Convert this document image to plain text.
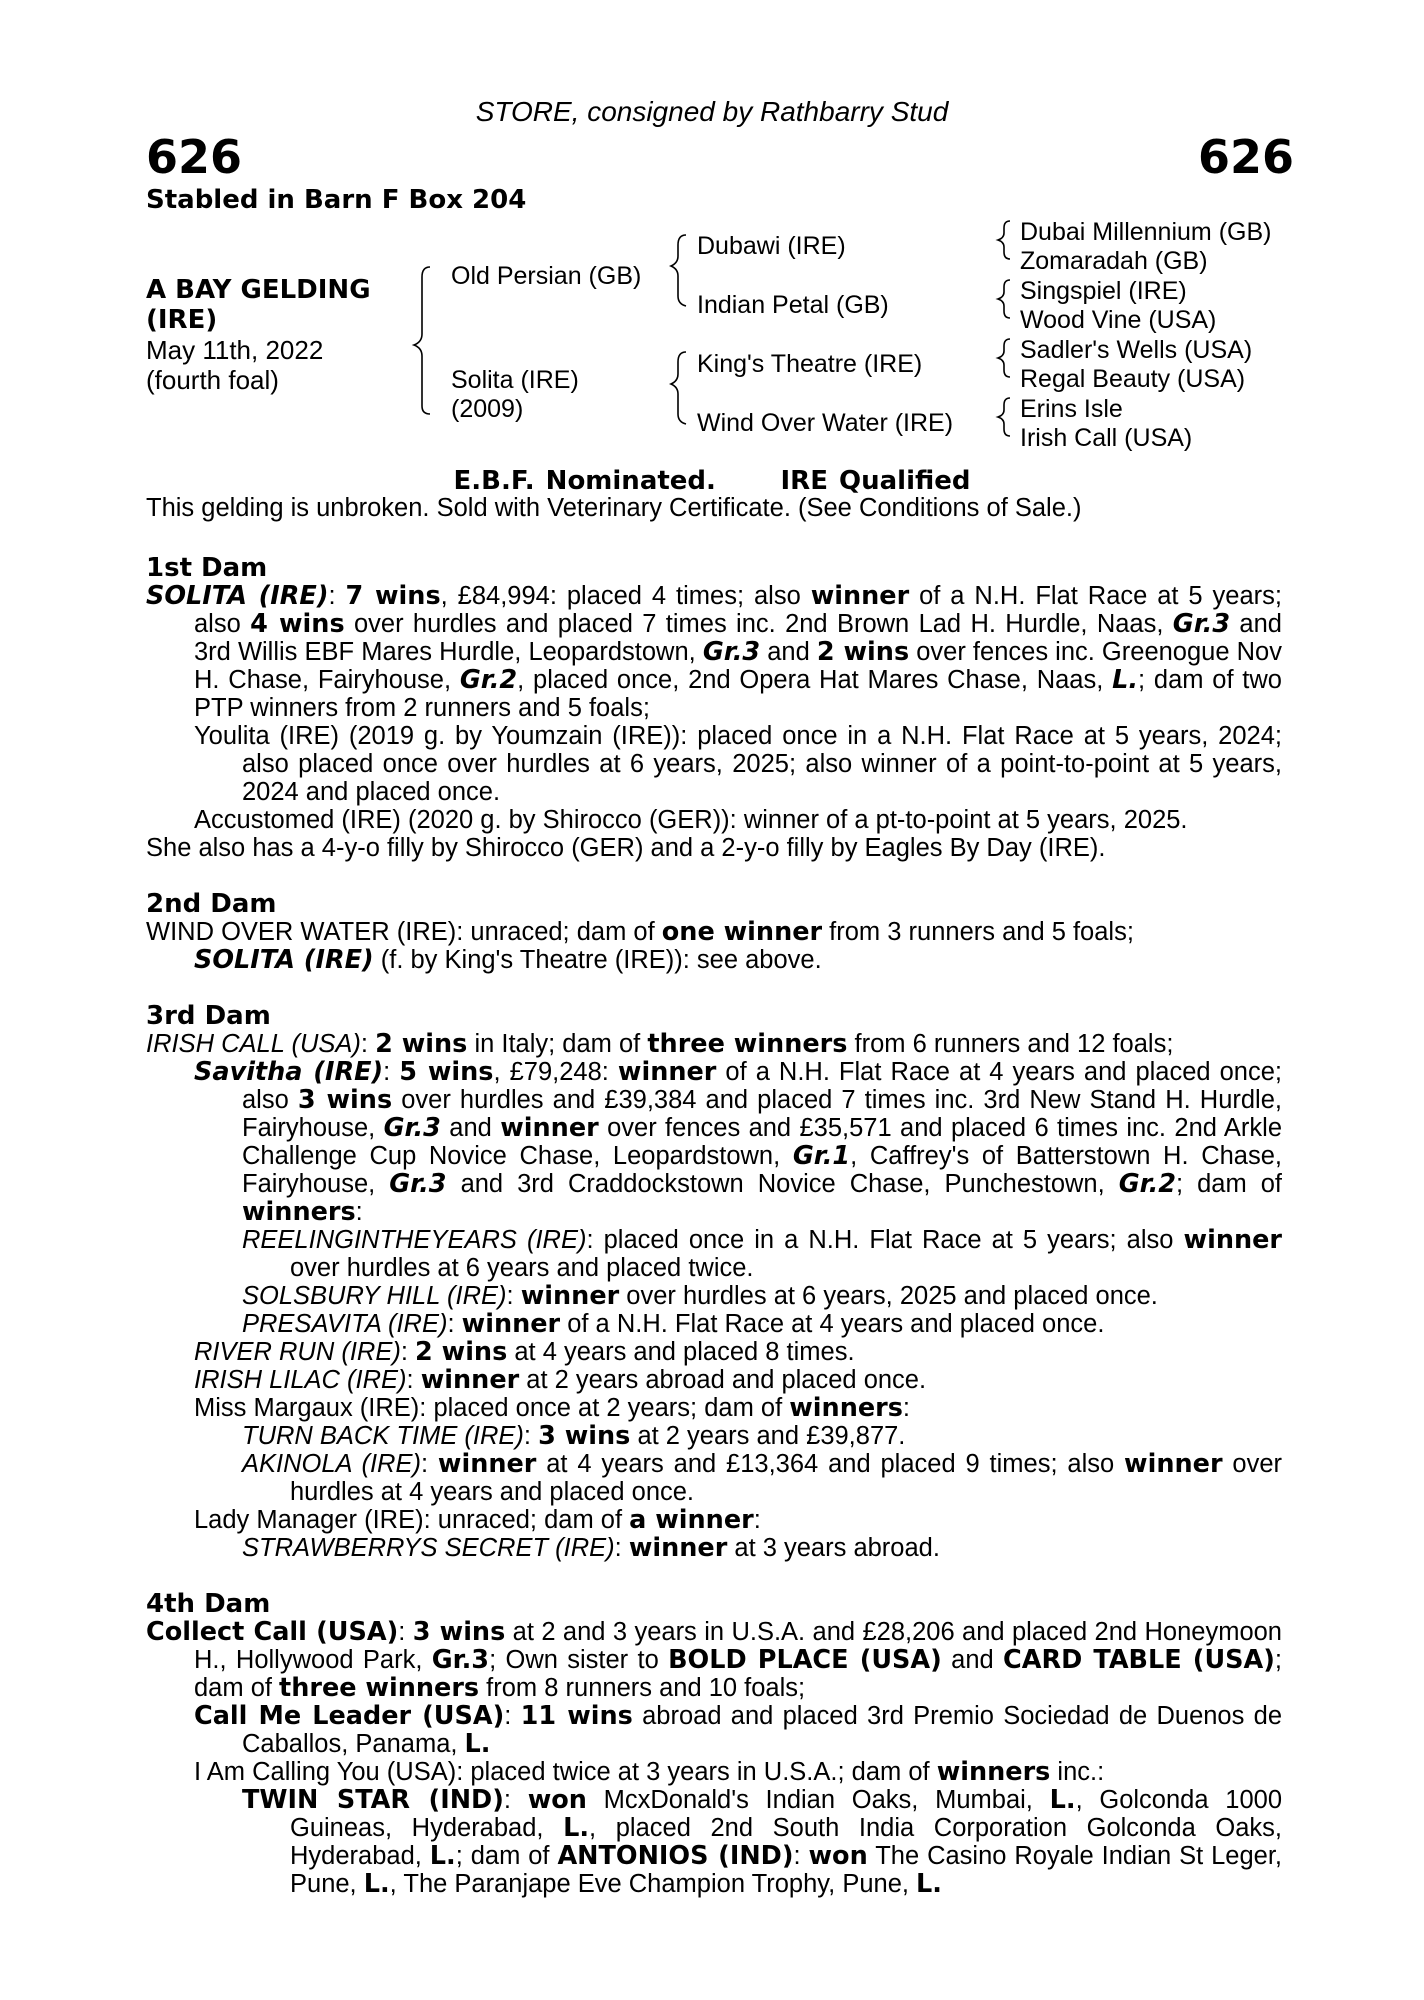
STORE, consigned by Rathbarry Stud
626	626
Stabled in Barn F Box 204
A BAY GELDING
(IRE)
May 11th, 2022
(fourth foal)
Old Persian (GB)
Solita (IRE)
(2009)
Dubawi (IRE)
Indian Petal (GB)
King's Theatre (IRE)
Wind Over Water (IRE)
Dubai Millennium (GB)
Zomaradah (GB)
Singspiel (IRE)
Wood Vine (USA)
Sadler's Wells (USA)
Regal Beauty (USA)
Erins Isle
Irish Call (USA)
E.B.F. Nominated. IRE Qualified
This gelding is unbroken. Sold with Veterinary Certificate. (See Conditions of Sale.)
1st Dam

SOLITA (IRE): 7 wins, £84,994: placed 4 times; also winner of a N.H. Flat Race at 5 years; also 4 wins over hurdles and placed 7 times inc. 2nd Brown Lad H. Hurdle, Naas, Gr.3 and 3rd Willis EBF Mares Hurdle, Leopardstown, Gr.3 and 2 wins over fences inc. Greenogue Nov H. Chase, Fairyhouse, Gr.2, placed once, 2nd Opera Hat Mares Chase, Naas, L.; dam of two PTP winners from 2 runners and 5 foals;

Youlita (IRE) (2019 g. by Youmzain (IRE)): placed once in a N.H. Flat Race at 5 years, 2024; also placed once over hurdles at 6 years, 2025; also winner of a point-to-point at 5 years, 2024 and placed once.

Accustomed (IRE) (2020 g. by Shirocco (GER)): winner of a pt-to-point at 5 years, 2025.

She also has a 4-y-o filly by Shirocco (GER) and a 2-y-o filly by Eagles By Day (IRE).

2nd Dam

WIND OVER WATER (IRE): unraced; dam of one winner from 3 runners and 5 foals;

SOLITA (IRE) (f. by King's Theatre (IRE)): see above.

3rd Dam

IRISH CALL (USA): 2 wins in Italy; dam of three winners from 6 runners and 12 foals;

Savitha (IRE): 5 wins, £79,248: winner of a N.H. Flat Race at 4 years and placed once; also 3 wins over hurdles and £39,384 and placed 7 times inc. 3rd New Stand H. Hurdle, Fairyhouse, Gr.3 and winner over fences and £35,571 and placed 6 times inc. 2nd Arkle Challenge Cup Novice Chase, Leopardstown, Gr.1, Caffrey's of Batterstown H. Chase, Fairyhouse, Gr.3 and 3rd Craddockstown Novice Chase, Punchestown, Gr.2; dam of winners:

REELINGINTHEYEARS (IRE): placed once in a N.H. Flat Race at 5 years; also winner over hurdles at 6 years and placed twice.

SOLSBURY HILL (IRE): winner over hurdles at 6 years, 2025 and placed once.

PRESAVITA (IRE): winner of a N.H. Flat Race at 4 years and placed once.

RIVER RUN (IRE): 2 wins at 4 years and placed 8 times.

IRISH LILAC (IRE): winner at 2 years abroad and placed once.

Miss Margaux (IRE): placed once at 2 years; dam of winners:

TURN BACK TIME (IRE): 3 wins at 2 years and £39,877.

AKINOLA (IRE): winner at 4 years and £13,364 and placed 9 times; also winner over hurdles at 4 years and placed once.

Lady Manager (IRE): unraced; dam of a winner:

STRAWBERRYS SECRET (IRE): winner at 3 years abroad.

4th Dam

Collect Call (USA): 3 wins at 2 and 3 years in U.S.A. and £28,206 and placed 2nd Honeymoon H., Hollywood Park, Gr.3; Own sister to BOLD PLACE (USA) and CARD TABLE (USA); dam of three winners from 8 runners and 10 foals;

Call Me Leader (USA): 11 wins abroad and placed 3rd Premio Sociedad de Duenos de Caballos, Panama, L.

I Am Calling You (USA): placed twice at 3 years in U.S.A.; dam of winners inc.:

TWIN STAR (IND): won McxDonald's Indian Oaks, Mumbai, L., Golconda 1000 Guineas, Hyderabad, L., placed 2nd South India Corporation Golconda Oaks, Hyderabad, L.; dam of ANTONIOS (IND): won The Casino Royale Indian St Leger, Pune, L., The Paranjape Eve Champion Trophy, Pune, L.
